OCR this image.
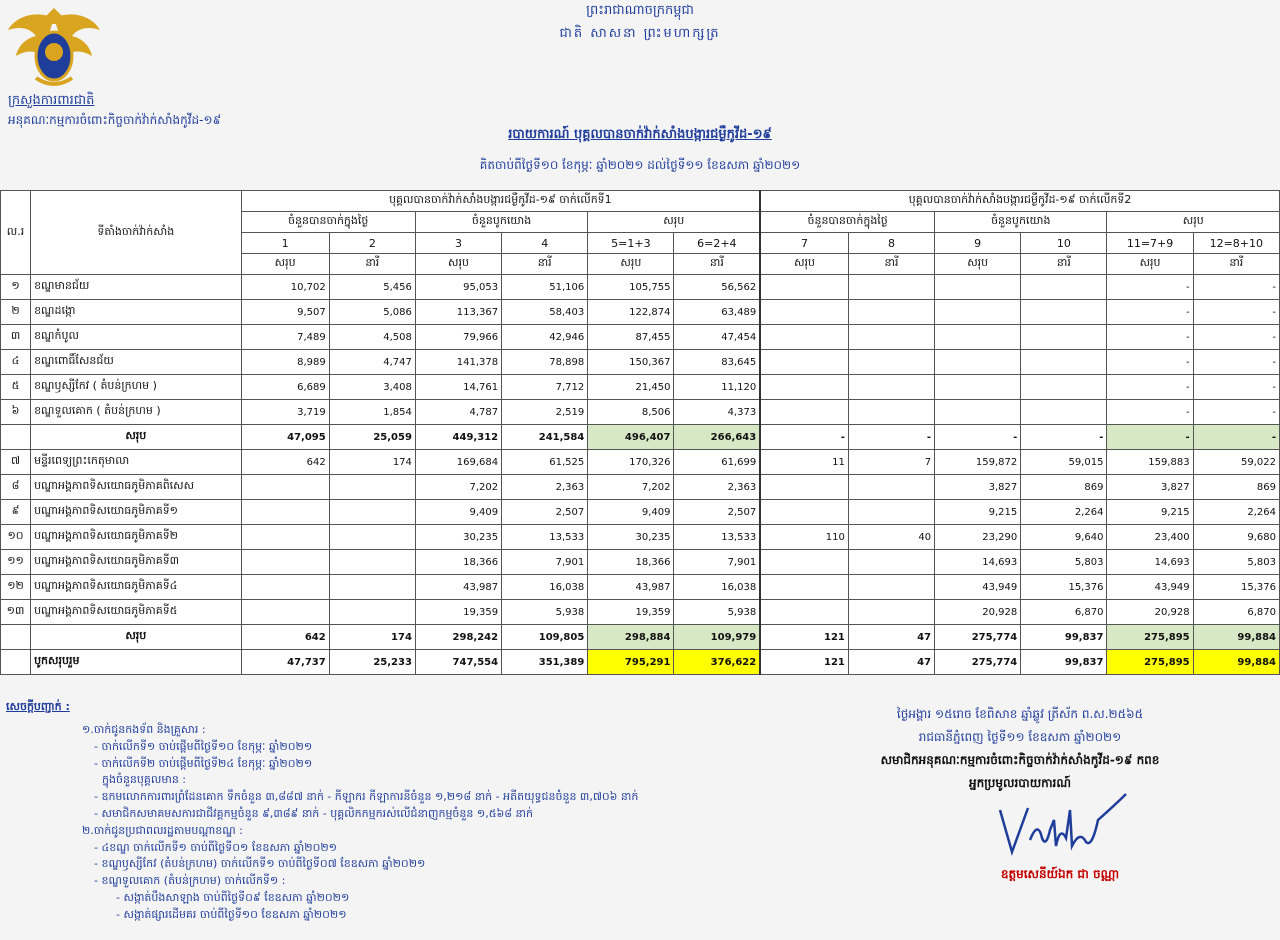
ក្រសួងការពារជាតិ
អនុគណៈកម្មការចំពោះកិច្ចចាក់វ៉ាក់សាំងកូវីដ-១៩
ព្រះរាជាណាចក្រកម្ពុជា
ជាតិ សាសនា ព្រះមហាក្សត្រ
របាយការណ៍ បុគ្គលបានចាក់វ៉ាក់សាំងបង្ការជម្ងឺកូវីដ-១៩
គិតចាប់ពីថ្ងៃទី១០ ខែកុម្ភៈ ឆ្នាំ២០២១ ដល់ថ្ងៃទី១១ ខែឧសភា ឆ្នាំ២០២១
ល.រ	ទីតាំងចាក់វ៉ាក់សាំង	បុគ្គលបានចាក់វ៉ាក់សាំងបង្ការជម្ងឺកូវីដ-១៩ ចាក់លើកទី1						បុគ្គលបានចាក់វ៉ាក់សាំងបង្ការជម្ងឺកូវីដ-១៩ ចាក់លើកទី2					
		ចំនួនបានចាក់ក្នុងថ្ងៃ		ចំនួនបូកយោង		សរុប		ចំនួនបានចាក់ក្នុងថ្ងៃ		ចំនួនបូកយោង		សរុប	
		1	2	3	4	5=1+3	6=2+4	7	8	9	10	11=7+9	12=8+10
		សរុប	នារី	សរុប	នារី	សរុប	នារី	សរុប	នារី	សរុប	នារី	សរុប	នារី
១	ខណ្ឌមានជ័យ	10,702	5,456	95,053	51,106	105,755	56,562					-	-
២	ខណ្ឌដង្កោ	9,507	5,086	113,367	58,403	122,874	63,489					-	-
៣	ខណ្ឌកំបូល	7,489	4,508	79,966	42,946	87,455	47,454					-	-
៤	ខណ្ឌពោធិ៍សែនជ័យ	8,989	4,747	141,378	78,898	150,367	83,645					-	-
៥	ខណ្ឌឫស្សីកែវ ( តំបន់ក្រហម )	6,689	3,408	14,761	7,712	21,450	11,120					-	-
៦	ខណ្ឌទួលគោក ( តំបន់ក្រហម )	3,719	1,854	4,787	2,519	8,506	4,373					-	-
	សរុប	47,095	25,059	449,312	241,584	496,407	266,643	-	-	-	-	-	-
៧	មន្ទីរពេទ្យព្រះកេតុមាលា	642	174	169,684	61,525	170,326	61,699	11	7	159,872	59,015	159,883	59,022
៨	បណ្ឌាអង្គភាពទិសយោធភូមិភាគពិសេស			7,202	2,363	7,202	2,363			3,827	869	3,827	869
៩	បណ្ឌាអង្គភាពទិសយោធភូមិភាគទី១			9,409	2,507	9,409	2,507			9,215	2,264	9,215	2,264
១០	បណ្ឌាអង្គភាពទិសយោធភូមិភាគទី២			30,235	13,533	30,235	13,533	110	40	23,290	9,640	23,400	9,680
១១	បណ្ឌាអង្គភាពទិសយោធភូមិភាគទី៣			18,366	7,901	18,366	7,901			14,693	5,803	14,693	5,803
១២	បណ្ឌាអង្គភាពទិសយោធភូមិភាគទី៤			43,987	16,038	43,987	16,038			43,949	15,376	43,949	15,376
១៣	បណ្ឌាអង្គភាពទិសយោធភូមិភាគទី៥			19,359	5,938	19,359	5,938			20,928	6,870	20,928	6,870
	សរុប	642	174	298,242	109,805	298,884	109,979	121	47	275,774	99,837	275,895	99,884
	បូកសរុបរួម	47,737	25,233	747,554	351,389	795,291	376,622	121	47	275,774	99,837	275,895	99,884
សេចក្តីបញ្ជាក់ :
១.ចាក់ជូនកងទ័ព និងគ្រួសារ :
- ចាក់លើកទី១ ចាប់ផ្តើមពីថ្ងៃទី១០ ខែកុម្ភៈ ឆ្នាំ២០២១
- ចាក់លើកទី២ ចាប់ផ្តើមពីថ្ងៃទី២៤ ខែកុម្ភៈ ឆ្នាំ២០២១
ក្នុងចំនួនបុគ្គលមាន :
- ឧកមលោកការពារព្រំដែនគោក ទឹកចំនួន ៣,៨៨៧ នាក់ - កីឡាករ កីឡាការនីចំនួន ១,២១៨ នាក់ - អតីតយុទ្ធជនចំនួន ៣,៧០៦ នាក់
- សមាជិកសមាគមសការជាជីវគ្គកម្មចំនួន ៩,៣៨៩ នាក់ - បុគ្គលិកកម្មករស់លើជំនាញកម្មចំនួន ១,៥៦៨ នាក់
២.ចាក់ជូនប្រជាពលរដ្ឋតាមបណ្តាខណ្ឌ :
- ៤ខណ្ឌ ចាក់លើកទី១ ចាប់ពីថ្ងៃទី០១ ខែឧសភា ឆ្នាំ២០២១
- ខណ្ឌឫស្សីកែវ (តំបន់ក្រហម) ចាក់លើកទី១ ចាប់ពីថ្ងៃទី០៧ ខែឧសភា ឆ្នាំ២០២១
- ខណ្ឌទួលគោក (តំបន់ក្រហម) ចាក់លើកទី១ :
- សង្កាត់បឹងសាឡាង ចាប់ពីថ្ងៃទី០៩ ខែឧសភា ឆ្នាំ២០២១
- សង្កាត់ផ្សារដើមគរ ចាប់ពីថ្ងៃទី១០ ខែឧសភា ឆ្នាំ២០២១
ថ្ងៃអង្គារ ១៥រោច ខែពិសាខ ឆ្នាំឆ្លូវ ត្រីស័ក ព.ស.២៥៦៥
រាជធានីភ្នំពេញ ថ្ងៃទី១១ ខែឧសភា ឆ្នាំ២០២១
សមាជិកអនុគណៈកម្មការចំពោះកិច្ចចាក់វ៉ាក់សាំងកូវីដ-១៩ កពខ
អ្នកប្រមូលរបាយការណ៍
ឧត្តមសេនីយ៍ឯក ជា ចណ្ណា
